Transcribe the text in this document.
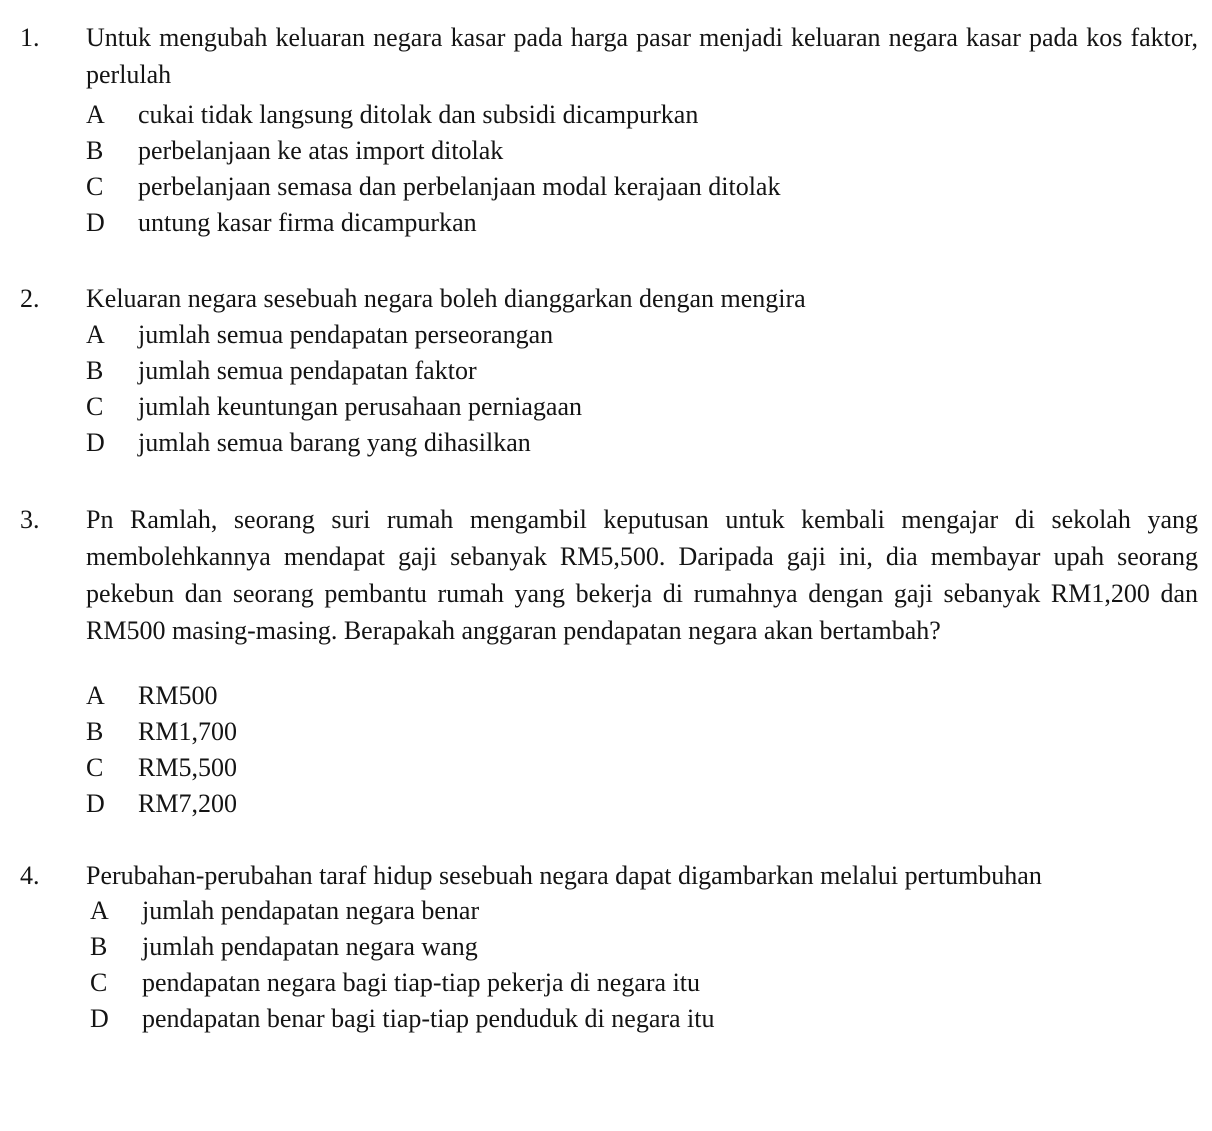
1. Untuk mengubah keluaran negara kasar pada harga pasar menjadi keluaran negara kasar pada kos faktor, perlulah
A cukai tidak langsung ditolak dan subsidi dicampurkan
B perbelanjaan ke atas import ditolak
C perbelanjaan semasa dan perbelanjaan modal kerajaan ditolak
D untung kasar firma dicampurkan
2. Keluaran negara sesebuah negara boleh dianggarkan dengan mengira
A jumlah semua pendapatan perseorangan
B jumlah semua pendapatan faktor
C jumlah keuntungan perusahaan perniagaan
D jumlah semua barang yang dihasilkan
3. Pn Ramlah, seorang suri rumah mengambil keputusan untuk kembali mengajar di sekolah yang membolehkannya mendapat gaji sebanyak RM5,500. Daripada gaji ini, dia membayar upah seorang pekebun dan seorang pembantu rumah yang bekerja di rumahnya dengan gaji sebanyak RM1,200 dan RM500 masing-masing. Berapakah anggaran pendapatan negara akan bertambah?
A RM500
B RM1,700
C RM5,500
D RM7,200
4. Perubahan-perubahan taraf hidup sesebuah negara dapat digambarkan melalui pertumbuhan
A jumlah pendapatan negara benar
B jumlah pendapatan negara wang
C pendapatan negara bagi tiap-tiap pekerja di negara itu
D pendapatan benar bagi tiap-tiap penduduk di negara itu
